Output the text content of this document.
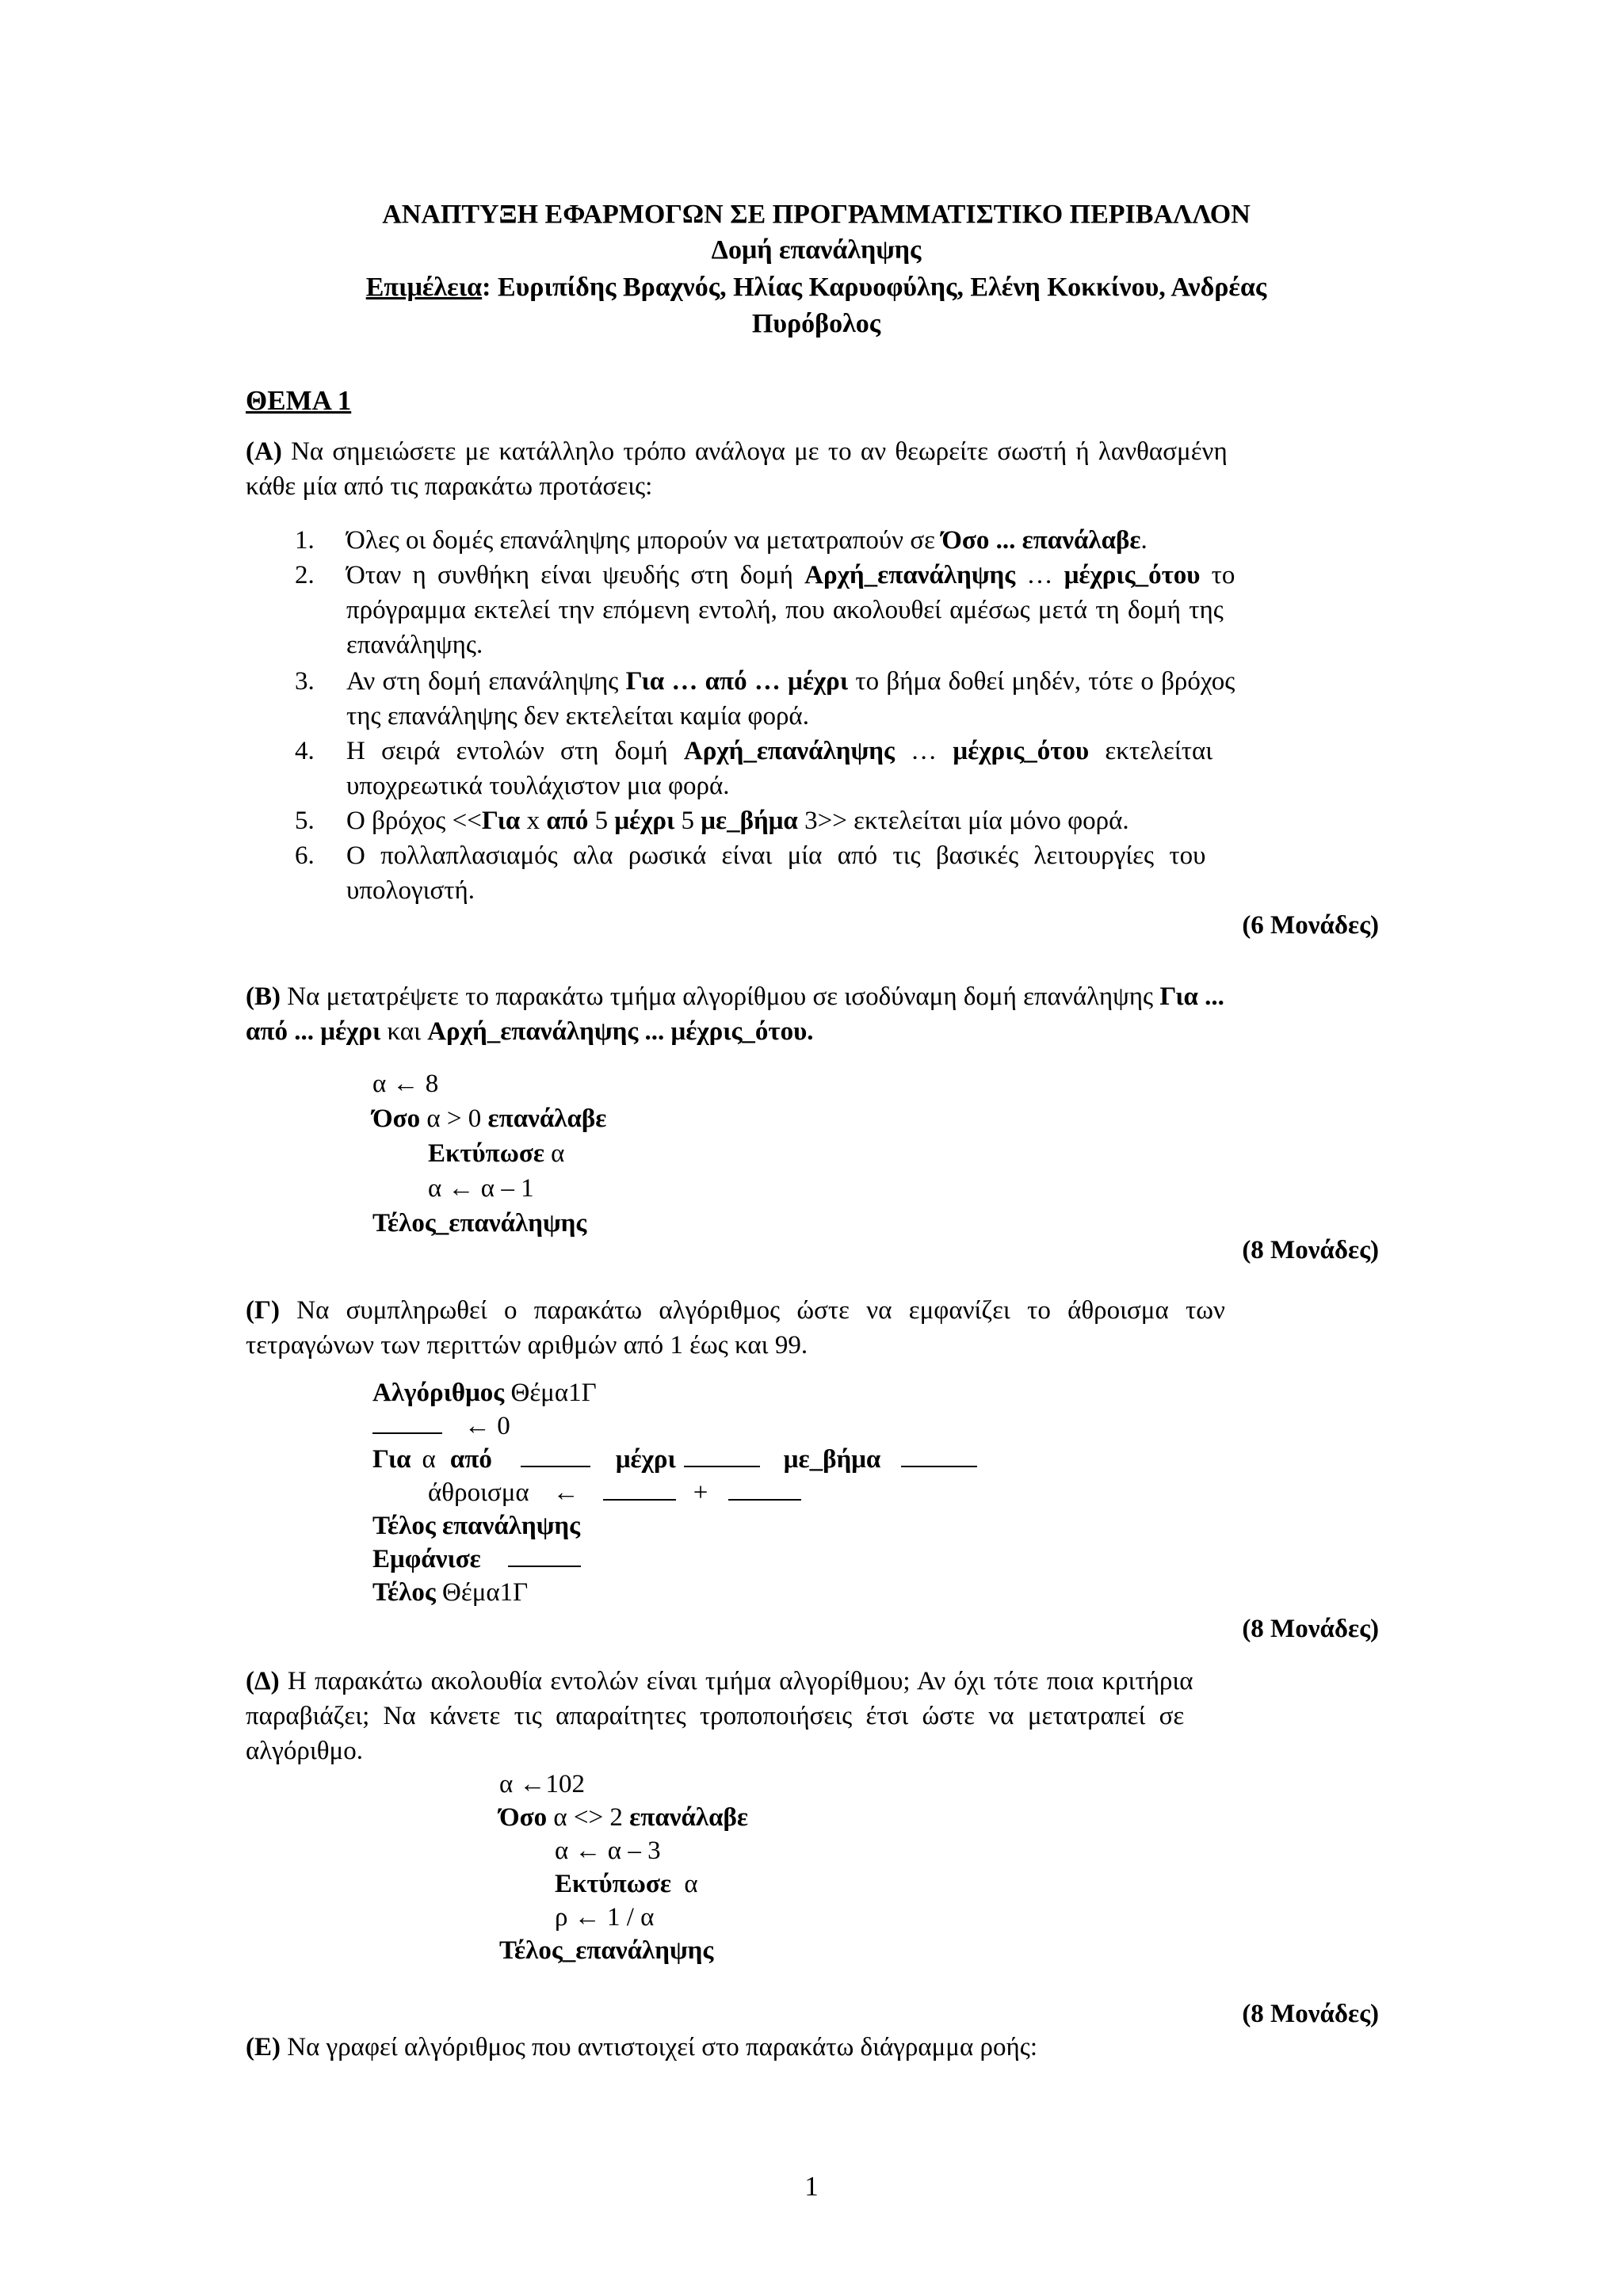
ΑΝΑΠΤΥΞΗ ΕΦΑΡΜΟΓΩΝ ΣΕ ΠΡΟΓΡΑΜΜΑΤΙΣΤΙΚΟ ΠΕΡΙΒΑΛΛΟΝ
Δομή επανάληψης
Επιμέλεια: Ευριπίδης Βραχνός, Ηλίας Καρυοφύλης, Ελένη Κοκκίνου, Ανδρέας
Πυρόβολος
ΘΕΜΑ 1
(Α) Να σημειώσετε με κατάλληλο τρόπο ανάλογα με το αν θεωρείτε σωστή ή λανθασμένη
κάθε μία από τις παρακάτω προτάσεις:
1.	Όλες οι δομές επανάληψης μπορούν να μετατραπούν σε Όσο ... επανάλαβε.
2.	Όταν η συνθήκη είναι ψευδής στη δομή Αρχή_επανάληψης … μέχρις_ότου το
πρόγραμμα εκτελεί την επόμενη εντολή, που ακολουθεί αμέσως μετά τη δομή της
επανάληψης.
3.	Αν στη δομή επανάληψης Για … από … μέχρι το βήμα δοθεί μηδέν, τότε ο βρόχος
της επανάληψης δεν εκτελείται καμία φορά.
4.	Η σειρά εντολών στη δομή Αρχή_επανάληψης … μέχρις_ότου εκτελείται
υποχρεωτικά τουλάχιστον μια φορά.
5.	Ο βρόχος <<Για x από 5 μέχρι 5 με_βήμα 3>> εκτελείται μία μόνο φορά.
6.	Ο πολλαπλασιαμός αλα ρωσικά είναι μία από τις βασικές λειτουργίες του
υπολογιστή.
(6 Μονάδες)
(Β) Να μετατρέψετε το παρακάτω τμήμα αλγορίθμου σε ισοδύναμη δομή επανάληψης Για ...
από ... μέχρι και Αρχή_επανάληψης ... μέχρις_ότου.
α ← 8
Όσο α > 0 επανάλαβε
Εκτύπωσε α
α ← α – 1
Τέλος_επανάληψης
(8 Μονάδες)
(Γ) Να συμπληρωθεί ο παρακάτω αλγόριθμος ώστε να εμφανίζει το άθροισμα των
τετραγώνων των περιττών αριθμών από 1 έως και 99.
Αλγόριθμος Θέμα1Γ
← 0
Για α από	μέχρι	με_βήμα
άθροισμα ←	+
Τέλος επανάληψης
Εμφάνισε
Τέλος Θέμα1Γ
(8 Μονάδες)
(Δ) Η παρακάτω ακολουθία εντολών είναι τμήμα αλγορίθμου; Αν όχι τότε ποια κριτήρια
παραβιάζει; Να κάνετε τις απαραίτητες τροποποιήσεις έτσι ώστε να μετατραπεί σε
αλγόριθμο.
α ←102
Όσο α <> 2 επανάλαβε
α ← α – 3
Εκτύπωσε  α
ρ ← 1 / α
Τέλος_επανάληψης
(8 Μονάδες)
(Ε) Να γραφεί αλγόριθμος που αντιστοιχεί στο παρακάτω διάγραμμα ροής:
1
